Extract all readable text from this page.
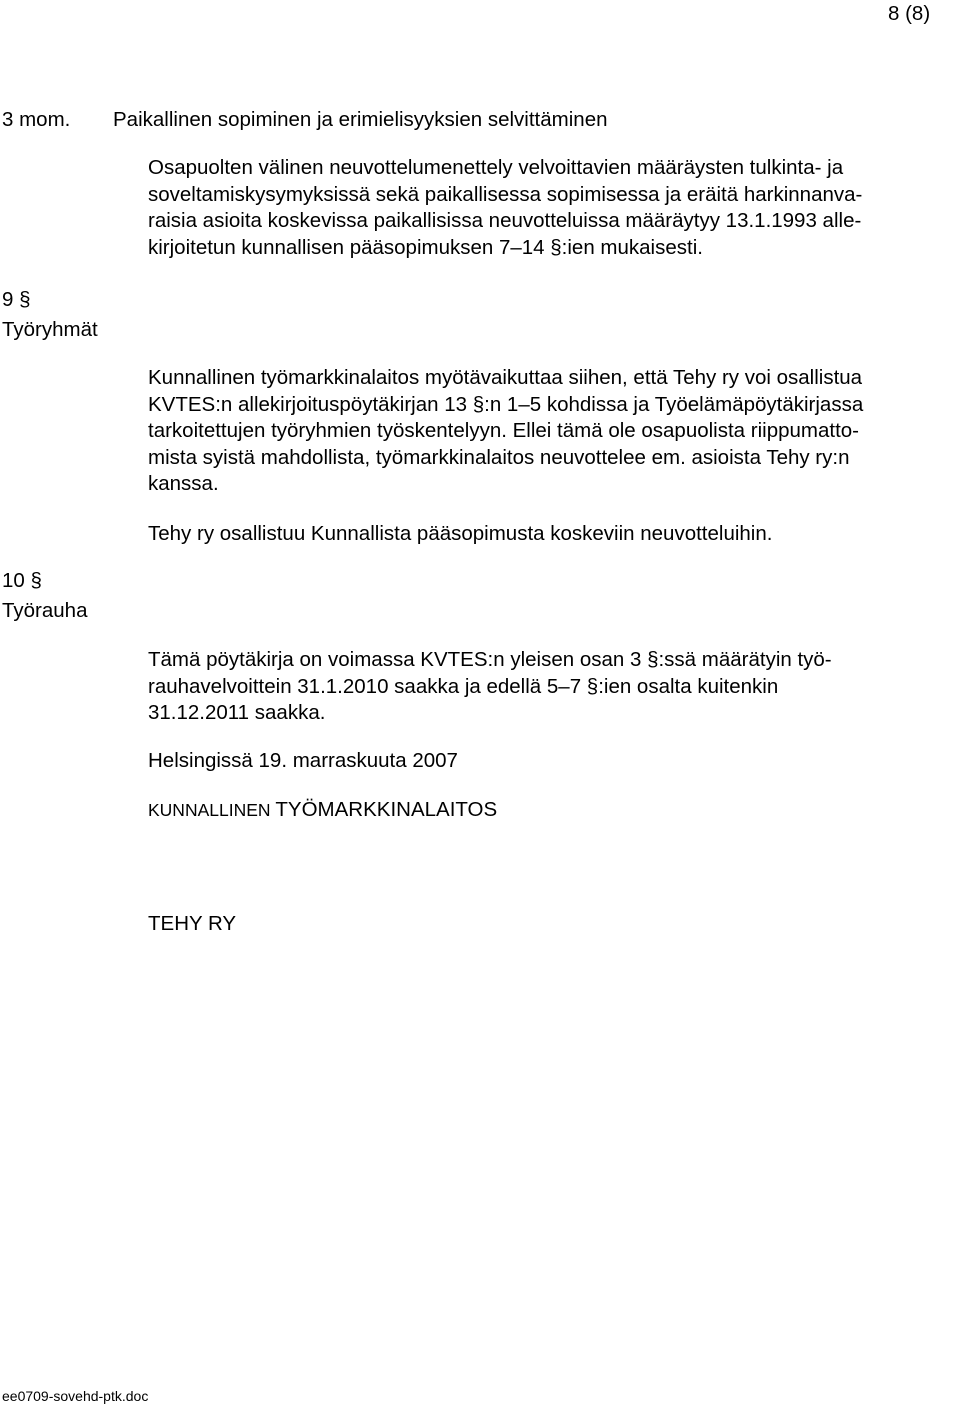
8 (8)
3 mom. Paikallinen sopiminen ja erimielisyyksien selvittäminen
Osapuolten välinen neuvottelumenettely velvoittavien määräysten tulkinta- ja
soveltamiskysymyksissä sekä paikallisessa sopimisessa ja eräitä harkinnanva-
raisia asioita koskevissa paikallisissa neuvotteluissa määräytyy 13.1.1993 alle-
kirjoitetun kunnallisen pääsopimuksen 7–14 §:ien mukaisesti.
9 §
Työryhmät
Kunnallinen työmarkkinalaitos myötävaikuttaa siihen, että Tehy ry voi osallistua
KVTES:n allekirjoituspöytäkirjan 13 §:n 1–5 kohdissa ja Työelämäpöytäkirjassa
tarkoitettujen työryhmien työskentelyyn. Ellei tämä ole osapuolista riippumatto-
mista syistä mahdollista, työmarkkinalaitos neuvottelee em. asioista Tehy ry:n
kanssa.
Tehy ry osallistuu Kunnallista pääsopimusta koskeviin neuvotteluihin.
10 §
Työrauha
Tämä pöytäkirja on voimassa KVTES:n yleisen osan 3 §:ssä määrätyin työ-
rauhavelvoittein 31.1.2010 saakka ja edellä 5–7 §:ien osalta kuitenkin
31.12.2011 saakka.
Helsingissä 19. marraskuuta 2007
KUNNALLINEN TYÖMARKKINALAITOS
TEHY RY
ee0709-sovehd-ptk.doc
